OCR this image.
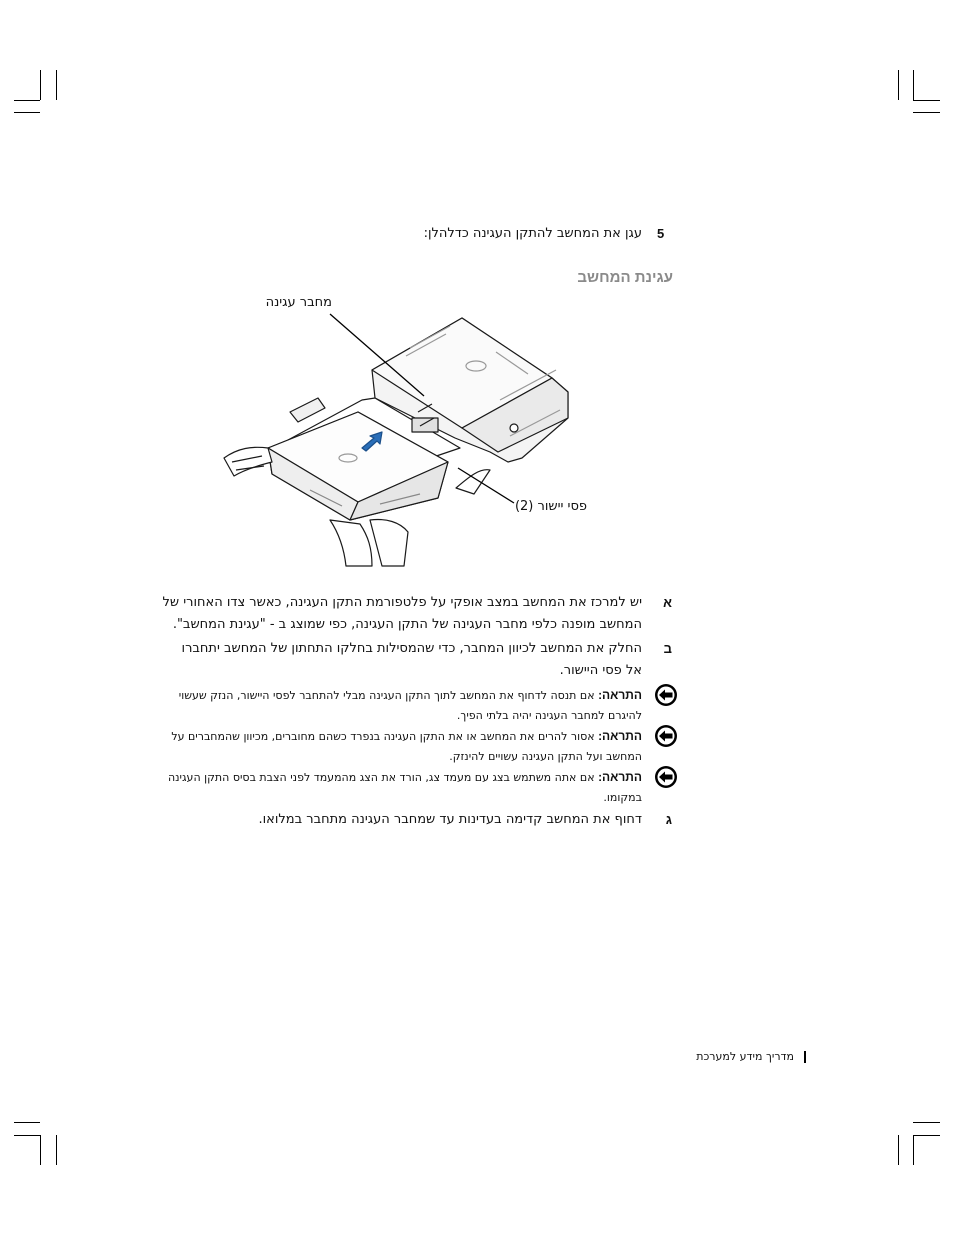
5
עגן את המחשב להתקן העגינה כדלהלן:
עגינת המחשב
מחבר עגינה
פסי יישור (2)
א
יש למרכז את המחשב במצב אופקי על פלטפורמת התקן העגינה, כאשר צדו האחורי של המחשב מופנה כלפי מחבר העגינה של התקן העגינה, כפי שמוצג ב - "עגינת המחשב".
ב
החלק את המחשב לכיוון המחבר, כדי שהמסילות בחלקו התחתון של המחשב יתחברו אל פסי היישור.
התראה: אם תנסה לדחוף את המחשב לתוך התקן העגינה מבלי להתחבר לפסי היישור, הנזק שעשוי להיגרם למחבר העגינה יהיה בלתי הפיך.
התראה: אסור להרים את המחשב או את התקן העגינה בנפרד כשהם מחוברים, מכיוון שהמחברים על המחשב ועל התקן העגינה עשויים להינזק.
התראה: אם אתה משתמש בצג עם מעמד צג, הורד את הצג מהמעמד לפני הצבת בסיס התקן העגינה במקומו.
ג
דחוף את המחשב קדימה בעדינות עד שמחבר העגינה מתחבר במלואו.
מדריך מידע למערכת
